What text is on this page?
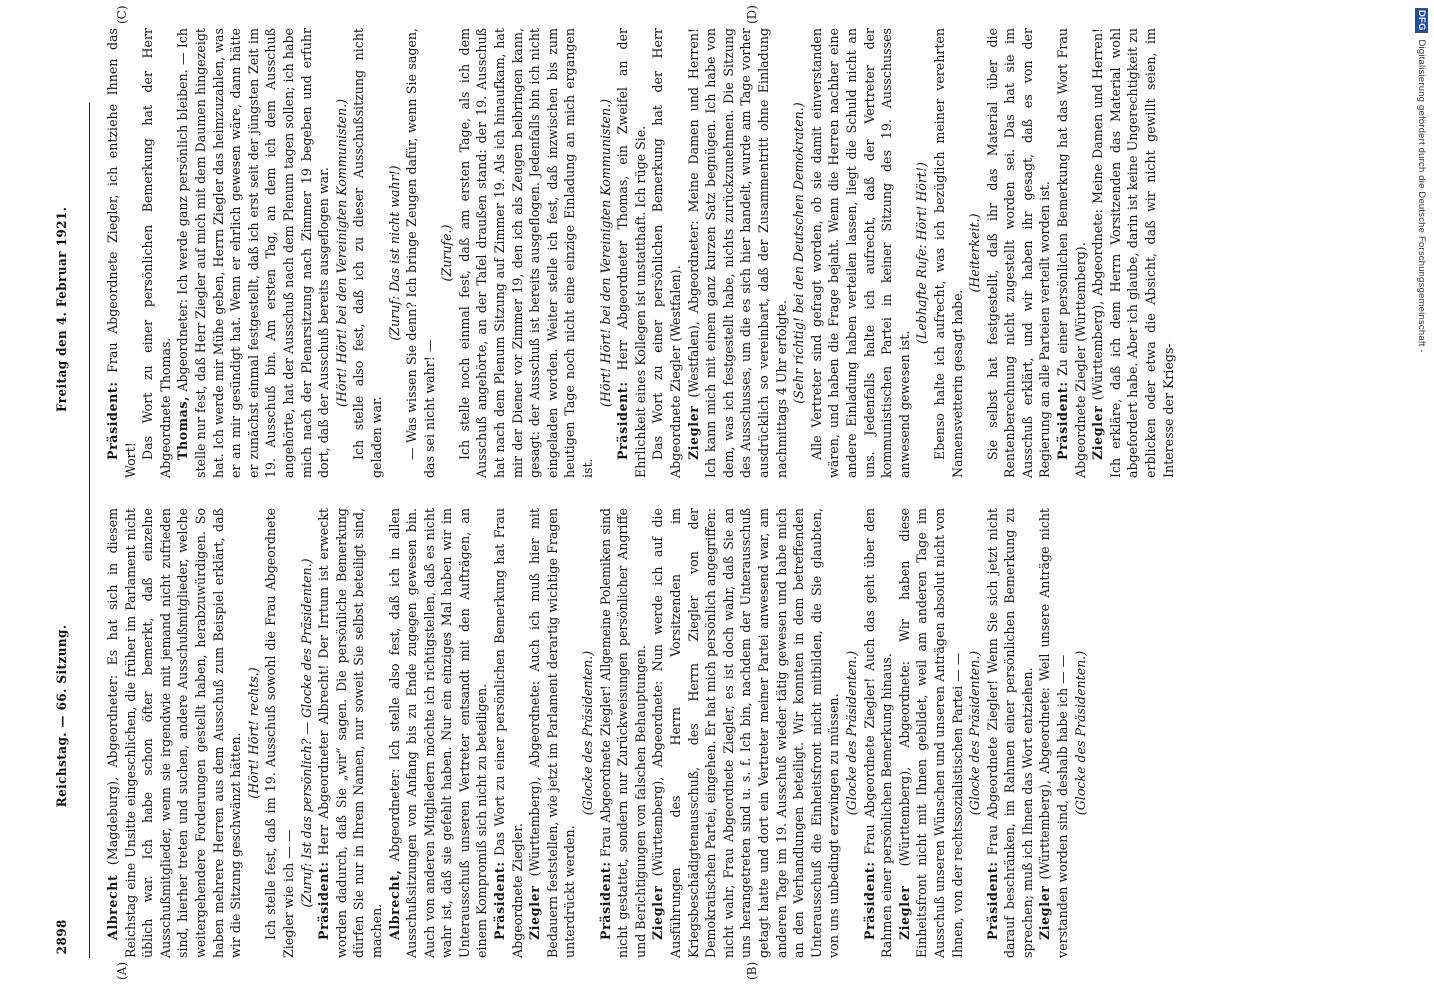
2898
Reichstag. — 66. Sitzung.
Freitag den 4. Februar 1921.
(A)	(B)

Albrecht (Magdeburg), Abgeordneter: Es hat sich in diesem Reichstag eine Unsitte eingeschlichen, die früher im Parlament nicht üblich war. Ich habe schon öfter bemerkt, daß einzelne Ausschußmitglieder, wenn sie irgendwie mit jemand nicht zufrieden sind, hierher treten und suchen, andere Ausschußmitglieder, welche weitergehendere Forderungen gestellt haben, herabzuwürdigen. So haben mehrere Herren aus dem Ausschuß zum Beispiel erklärt, daß wir die Sitzung geschwänzt hätten. (Hört! Hört! rechts.) Ich stelle fest, daß im 19. Ausschuß sowohl die Frau Abgeordnete Ziegler wie ich — — (Zuruf: Ist das persönlich? — Glocke des Präsidenten.) Präsident: Herr Abgeordneter Albrecht! Der Irrtum ist erweckt worden dadurch, daß Sie „wir“ sagen. Die persönliche Bemerkung dürfen Sie nur in Ihrem Namen, nur soweit Sie selbst beteiligt sind, machen. Albrecht, Abgeordneter: Ich stelle also fest, daß ich in allen Ausschußsitzungen von Anfang bis zu Ende zugegen gewesen bin. Auch von anderen Mitgliedern möchte ich richtigstellen, daß es nicht wahr ist, daß sie gefehlt haben. Nur ein einziges Mal haben wir im Unterausschuß unseren Vertreter entsandt mit den Aufträgen, an einem Kompromiß sich nicht zu beteiligen. Präsident: Das Wort zu einer persönlichen Bemerkung hat Frau Abgeordnete Ziegler. Ziegler (Württemberg), Abgeordnete: Auch ich muß hier mit Bedauern feststellen, wie jetzt im Parlament derartig wichtige Fragen unterdrückt werden.

(Glocke des Präsidenten.)

Präsident: Frau Abgeordnete Ziegler! Allgemeine Polemiken sind nicht gestattet, sondern nur Zurückweisungen persönlicher Angriffe und Berichtigungen von falschen Behauptungen. Ziegler (Württemberg), Abgeordnete: Nun werde ich auf die Ausführungen des Herrn Vorsitzenden im Kriegsbeschädigtenausschuß, des Herrn Ziegler von der Demokratischen Partei, eingehen. Er hat mich persönlich angegriffen: nicht wahr, Frau Abgeordnete Ziegler, es ist doch wahr, daß Sie an uns herangetreten sind u. s. f. Ich bin, nachdem der Unterausschuß getagt hatte und dort ein Vertreter meiner Partei anwesend war, am anderen Tage im 19. Ausschuß wieder tätig gewesen und habe mich an den Verhandlungen beteiligt. Wir konnten in dem betreffenden Unterausschuß die Einheitsfront nicht mitbilden, die Sie glaubten, von uns unbedingt erzwingen zu müssen. (Glocke des Präsidenten.)

Präsident: Frau Abgeordnete Ziegler! Auch das geht über den Rahmen einer persönlichen Bemerkung hinaus. Ziegler (Württemberg), Abgeordnete: Wir haben diese Einheitsfront nicht mit Ihnen gebildet, weil am anderen Tage im Ausschuß unseren Wünschen und unseren Anträgen absolut nicht von Ihnen, von der rechtssozialistischen Partei — — (Glocke des Präsidenten.)

Präsident: Frau Abgeordnete Ziegler! Wenn Sie sich jetzt nicht darauf beschränken, im Rahmen einer persönlichen Bemerkung zu sprechen; muß ich Ihnen das Wort entziehen. Ziegler (Württemberg), Abgeordnete: Weil unsere Anträge nicht verstanden worden sind, deshalb habe ich — — (Glocke des Präsidenten.)

(C)	(D)

Präsident: Frau Abgeordnete Ziegler, ich entziehe Ihnen das Wort!

Das Wort zu einer persönlichen Bemerkung hat der Herr Abgeordnete Thomas. Thomas, Abgeordneter: Ich werde ganz persönlich bleiben. — Ich stelle nur fest, daß Herr Ziegler auf mich mit dem Daumen hingezeigt hat. Ich werde mir Mühe geben, Herrn Ziegler das heimzuzahlen, was er an mir gesündigt hat. Wenn er ehrlich gewesen wäre, dann hätte er zunächst einmal festgestellt, daß ich erst seit der jüngsten Zeit im 19. Ausschuß bin. Am ersten Tag, an dem ich dem Ausschuß angehörte, hat der Ausschuß nach dem Plenum tagen sollen; ich habe mich nach der Plenarsitzung nach Zimmer 19 begeben und erfuhr dort, daß der Ausschuß bereits ausgeflogen war. (Hört! Hört! bei den Vereinigten Kommunisten.) Ich stelle also fest, daß ich zu dieser Ausschußsitzung nicht geladen war.

(Zuruf: Das ist nicht wahr!) — Was wissen Sie denn? Ich bringe Zeugen dafür, wenn Sie sagen, das sei nicht wahr! —

(Zurufe.) Ich stelle noch einmal fest, daß am ersten Tage, als ich dem Ausschuß angehörte, an der Tafel draußen stand: der 19. Ausschuß hat nach dem Plenum Sitzung auf Zimmer 19. Als ich hinaufkam, hat mir der Diener vor Zimmer 19, den ich als Zeugen beibringen kann, gesagt: der Ausschuß ist bereits ausgeflogen. Jedenfalls bin ich nicht eingeladen worden. Weiter stelle ich fest, daß inzwischen bis zum heutigen Tage noch nicht eine einzige Einladung an mich ergangen ist.

(Hört! Hört! bei den Vereinigten Kommunisten.)

Präsident: Herr Abgeordneter Thomas, ein Zweifel an der Ehrlichkeit eines Kollegen ist unstatthaft. Ich rüge Sie. Das Wort zu einer persönlichen Bemerkung hat der Herr Abgeordnete Ziegler (Westfalen). Ziegler (Westfalen), Abgeordneter: Meine Damen und Herren! Ich kann mich mit einem ganz kurzen Satz begnügen. Ich habe von dem, was ich festgestellt habe, nichts zurückzunehmen. Die Sitzung des Ausschusses, um die es sich hier handelt, wurde am Tage vorher ausdrücklich so vereinbart, daß der Zusammentritt ohne Einladung nachmittags 4 Uhr erfolgte. (Sehr richtig! bei den Deutschen Demokraten.) Alle Vertreter sind gefragt worden, ob sie damit einverstanden wären, und haben die Frage bejaht. Wenn die Herren nachher eine andere Einladung haben verteilen lassen, liegt die Schuld nicht an uns. Jedenfalls halte ich aufrecht, daß der Vertreter der kommunistischen Partei in keiner Sitzung des 19. Ausschusses anwesend gewesen ist.

(Lebhafte Rufe: Hört! Hört!) Ebenso halte ich aufrecht, was ich bezüglich meiner verehrten Namensvetterin gesagt habe.

(Heiterkeit.) Sie selbst hat festgestellt, daß ihr das Material über die Rentenberechnung nicht zugestellt worden sei. Das hat sie im Ausschuß erklärt, und wir haben ihr gesagt, daß es von der Regierung an alle Parteien verteilt worden ist. Präsident: Zu einer persönlichen Bemerkung hat das Wort Frau Abgeordnete Ziegler (Württemberg). Ziegler (Württemberg), Abgeordnete: Meine Damen und Herren! Ich erkläre, daß ich dem Herrn Vorsitzenden das Material wohl abgefordert habe. Aber ich glaube, darin ist keine Ungerechtigkeit zu erblicken oder etwa die Absicht, daß wir nicht gewillt seien, im Interesse der Kriegs-

DFG Digitalisierung gefördert durch die Deutsche Forschungsgemeinschaft -
